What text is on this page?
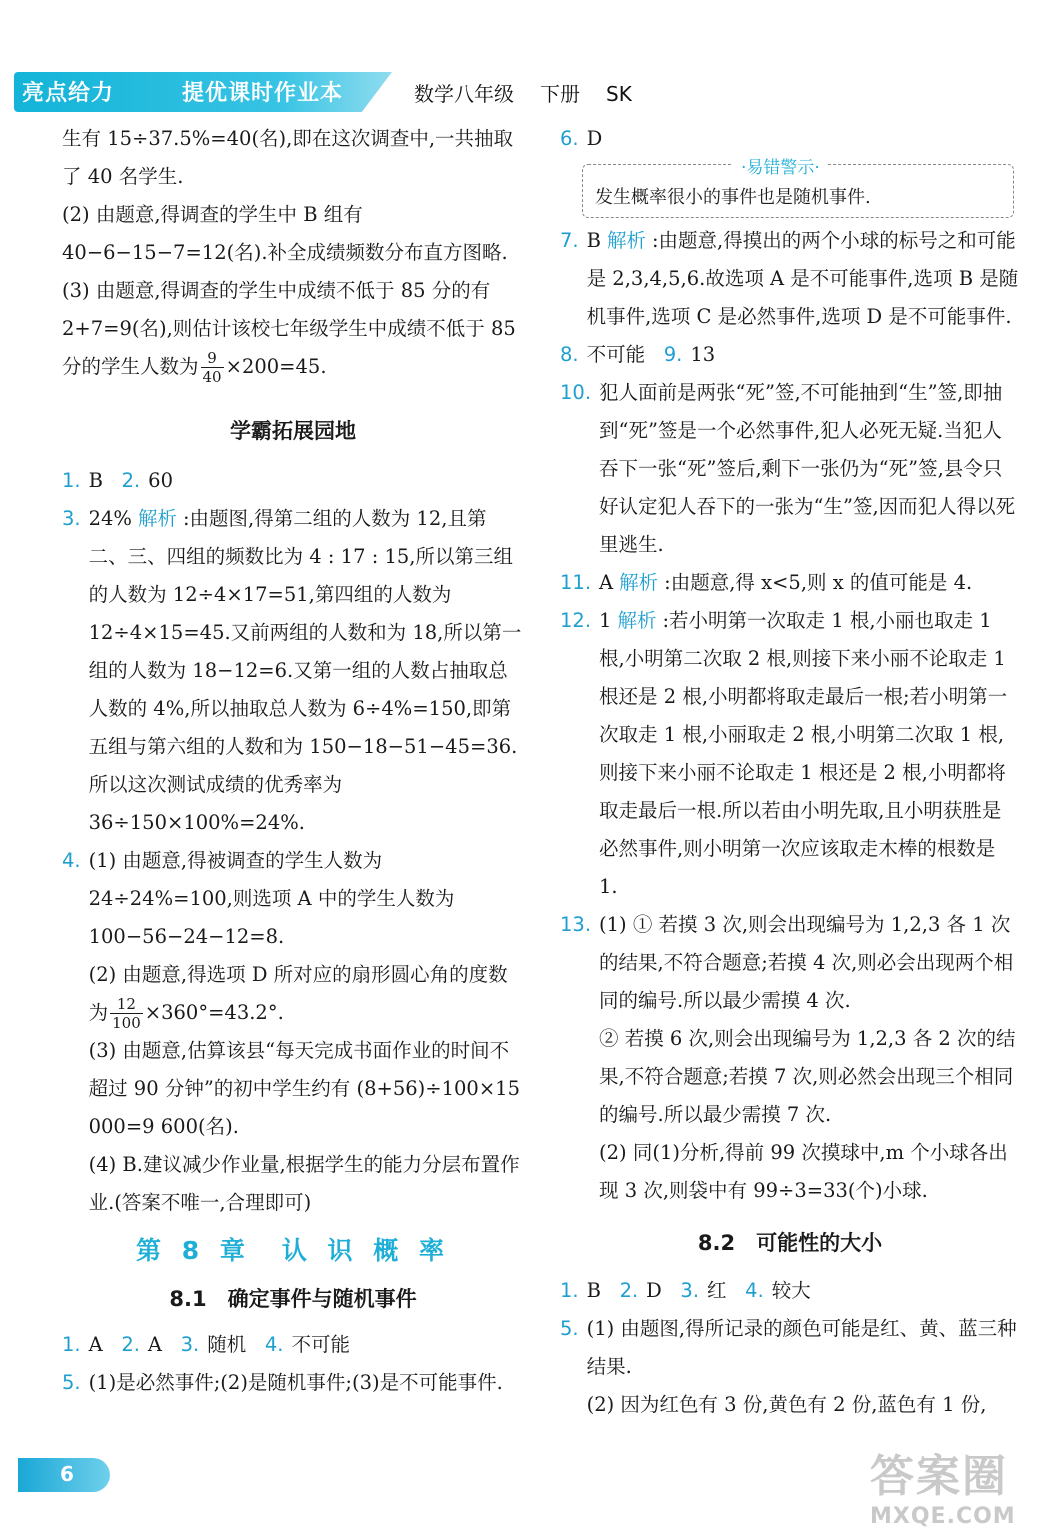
亮点给力	提优课时作业本	数学八年级 下册 SK

生有 15÷37.5%=40(名),即在这次调查中,一共抽取了 40 名学生.

(2) 由题意,得调查的学生中 B 组有 40−6−15−7=12(名).补全成绩频数分布直方图略.

(3) 由题意,得调查的学生中成绩不低于 85 分的有 2+7=9(名),则估计该校七年级学生中成绩不低于 85 分的学生人数为 $\frac{9}{40} \times 200=45$.

学霸拓展园地

1. B 2. 60

3. 24% 解析 :由题图,得第二组的人数为 12,且第二、三、四组的频数比为 4 : 17 : 15,所以第三组的人数为 12÷4×17=51,第四组的人数为 12÷4×15=45.又前两组的人数和为 18,所以第一组的人数为 18−12=6.又第一组的人数占抽取总人数的 4%,所以抽取总人数为 6÷4%=150,即第五组与第六组的人数和为 150−18−51−45=36.所以这次测试成绩的优秀率为 36÷150×100%=24%.

4. (1) 由题意,得被调查的学生人数为 24÷24%=100,则选项 A 中的学生人数为 100−56−24−12=8.

(2) 由题意,得选项 D 所对应的扇形圆心角的度数为 $\frac{12}{100} \times 360^\circ=43.2^\circ$.

(3) 由题意,估算该县“每天完成书面作业的时间不超过 90 分钟”的初中学生约有 (8+56)÷100×15 000=9 600(名).

(4) B.建议减少作业量,根据学生的能力分层布置作业.(答案不唯一,合理即可)

第 8 章　认 识 概 率
8.1　确定事件与随机事件

1. A 2. A 3. 随机 4. 不可能

5. (1)是必然事件;(2)是随机事件;(3)是不可能事件.

6. D

·易错警示·
发生概率很小的事件也是随机事件.
7. B 解析 :由题意,得摸出的两个小球的标号之和可能是 2,3,4,5,6.故选项 A 是不可能事件,选项 B 是随机事件,选项 C 是必然事件,选项 D 是不可能事件.

8. 不可能 9. 13

10. 犯人面前是两张“死”签,不可能抽到“生”签,即抽到“死”签是一个必然事件,犯人必死无疑.当犯人吞下一张“死”签后,剩下一张仍为“死”签,县令只好认定犯人吞下的一张为“生”签,因而犯人得以死里逃生.

11. A 解析 :由题意,得 x<5,则 x 的值可能是 4.

12. 1 解析 :若小明第一次取走 1 根,小丽也取走 1 根,小明第二次取 2 根,则接下来小丽不论取走 1 根还是 2 根,小明都将取走最后一根;若小明第一次取走 1 根,小丽取走 2 根,小明第二次取 1 根,则接下来小丽不论取走 1 根还是 2 根,小明都将取走最后一根.所以若由小明先取,且小明获胜是必然事件,则小明第一次应该取走木棒的根数是 1.

13. (1) ① 若摸 3 次,则会出现编号为 1,2,3 各 1 次的结果,不符合题意;若摸 4 次,则必会出现两个相同的编号.所以最少需摸 4 次.

② 若摸 6 次,则会出现编号为 1,2,3 各 2 次的结果,不符合题意;若摸 7 次,则必然会出现三个相同的编号.所以最少需摸 7 次.

(2) 同(1)分析,得前 99 次摸球中,m 个小球各出现 3 次,则袋中有 99÷3=33(个)小球.

8.2　可能性的大小

1. B 2. D 3. 红 4. 较大

5. (1) 由题图,得所记录的颜色可能是红、黄、蓝三种结果.

(2) 因为红色有 3 份,黄色有 2 份,蓝色有 1 份,

6	答案圈
MXQE.COM
